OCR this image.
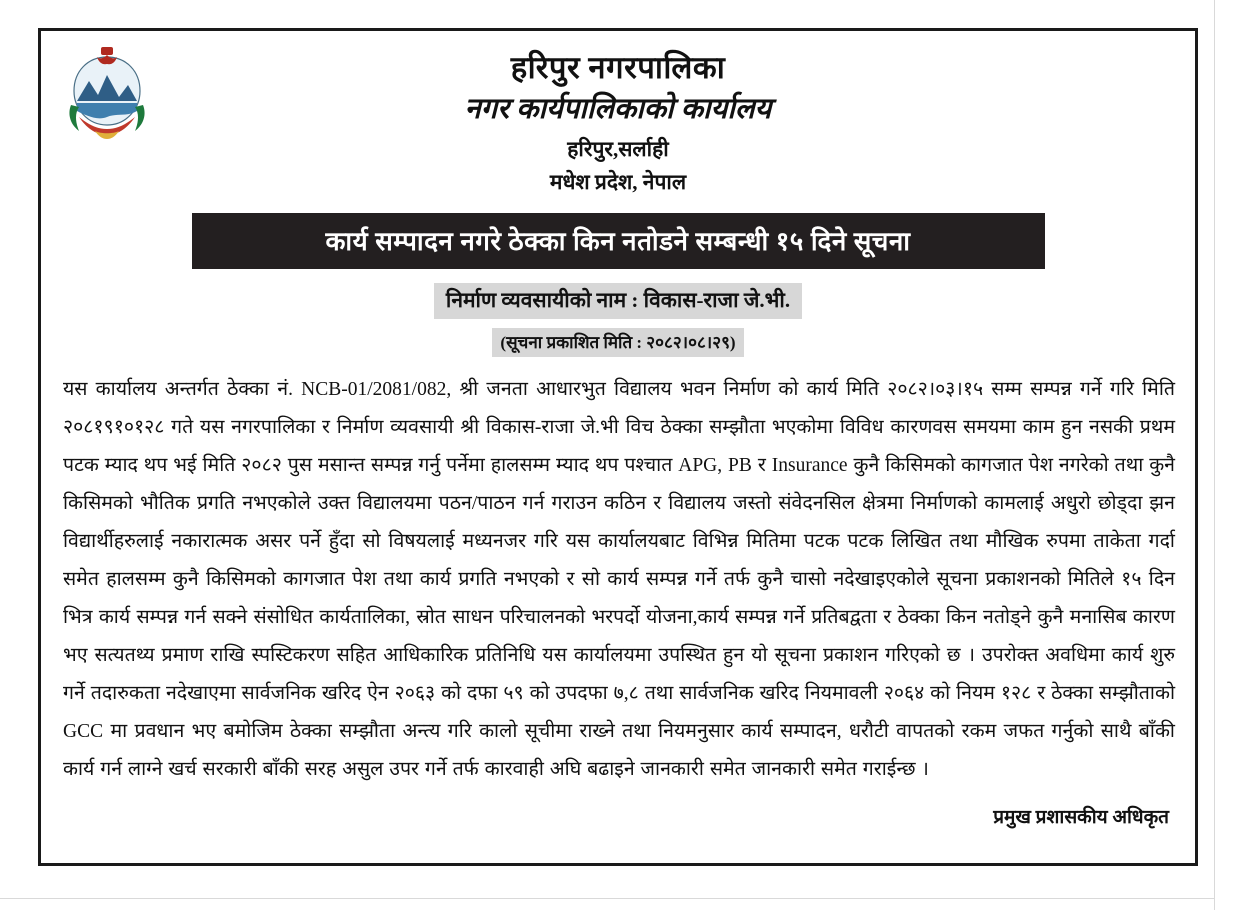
हरिपुर नगरपालिका
नगर कार्यपालिकाको कार्यालय
हरिपुर,सर्लाही
मधेश प्रदेश, नेपाल
कार्य सम्पादन नगरे ठेक्का किन नतोडने सम्बन्धी १५ दिने सूचना
निर्माण व्यवसायीको नाम : विकास-राजा जे.भी.
(सूचना प्रकाशित मिति : २०८२।०८।२९)
यस कार्यालय अन्तर्गत ठेक्का नं. NCB-01/2081/082, श्री जनता आधारभुत विद्यालय भवन निर्माण को कार्य मिति २०८२।०३।१५ सम्म सम्पन्न गर्ने गरि मिति २०८१९१०१२८ गते यस नगरपालिका र निर्माण व्यवसायी श्री विकास-राजा जे.भी विच ठेक्का सम्झौता भएकोमा विविध कारणवस समयमा काम हुन नसकी प्रथम पटक म्याद थप भई मिति २०८२ पुस मसान्त सम्पन्न गर्नु पर्नेमा हालसम्म म्याद थप पश्चात APG, PB र Insurance कुनै किसिमको कागजात पेश नगरेको तथा कुनै किसिमको भौतिक प्रगति नभएकोले उक्त विद्यालयमा पठन/पाठन गर्न गराउन कठिन र विद्यालय जस्तो संवेदनसिल क्षेत्रमा निर्माणको कामलाई अधुरो छोड्दा झन विद्यार्थीहरुलाई नकारात्मक असर पर्ने हुँदा सो विषयलाई मध्यनजर गरि यस कार्यालयबाट विभिन्न मितिमा पटक पटक लिखित तथा मौखिक रुपमा ताकेता गर्दा समेत हालसम्म कुनै किसिमको कागजात पेश तथा कार्य प्रगति नभएको र सो कार्य सम्पन्न गर्ने तर्फ कुनै चासो नदेखाइएकोले सूचना प्रकाशनको मितिले १५ दिन भित्र कार्य सम्पन्न गर्न सक्ने संसोधित कार्यतालिका, स्रोत साधन परिचालनको भरपर्दो योजना,कार्य सम्पन्न गर्ने प्रतिबद्वता र ठेक्का किन नतोड्ने कुनै मनासिब कारण भए सत्यतथ्य प्रमाण राखि स्पस्टिकरण सहित आधिकारिक प्रतिनिधि यस कार्यालयमा उपस्थित हुन यो सूचना प्रकाशन गरिएको छ । उपरोक्त अवधिमा कार्य शुरु गर्ने तदारुकता नदेखाएमा सार्वजनिक खरिद ऐन २०६३ को दफा ५९ को उपदफा ७,८ तथा सार्वजनिक खरिद नियमावली २०६४ को नियम १२८ र ठेक्का सम्झौताको GCC मा प्रवधान भए बमोजिम ठेक्का सम्झौता अन्त्य गरि कालो सूचीमा राख्ने तथा नियमनुसार कार्य सम्पादन, धरौटी वापतको रकम जफत गर्नुको साथै बाँकी कार्य गर्न लाग्ने खर्च सरकारी बाँकी सरह असुल उपर गर्ने तर्फ कारवाही अघि बढाइने जानकारी समेत जानकारी समेत गराईन्छ ।
प्रमुख प्रशासकीय अधिकृत
